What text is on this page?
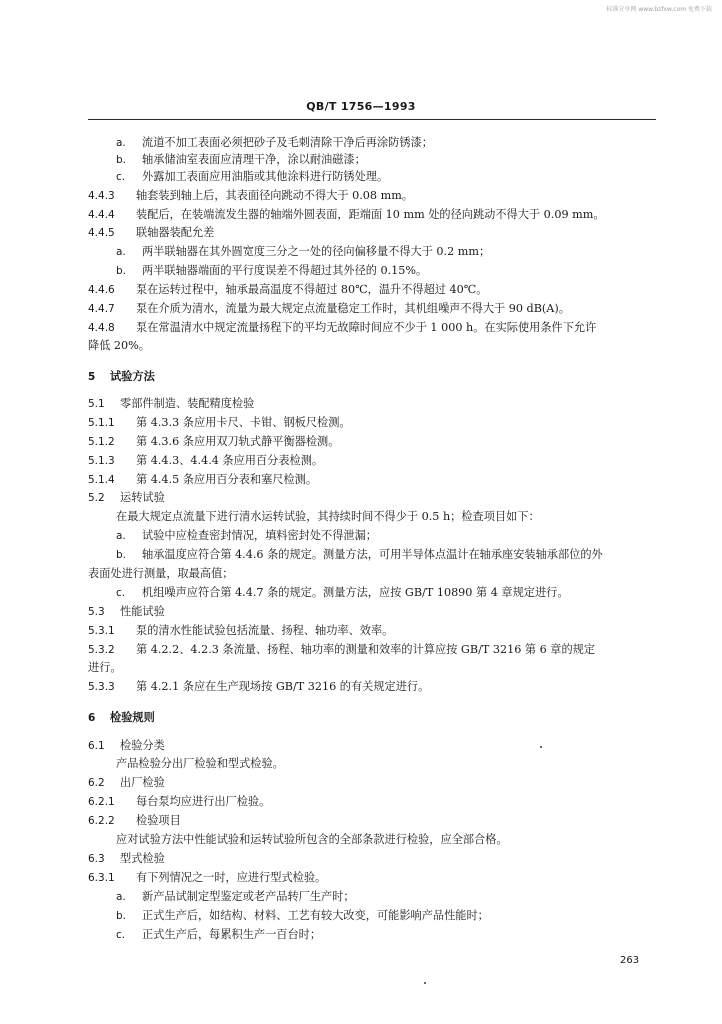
标准分享网 www.bzfxw.com 免费下载
QB/T 1756—1993
a. 流道不加工表面必须把砂子及毛刺清除干净后再涂防锈漆；
b. 轴承储油室表面应清理干净，涂以耐油磁漆；
c. 外露加工表面应用油脂或其他涂料进行防锈处理。
4.4.3 轴套装到轴上后，其表面径向跳动不得大于 0.08 mm。
4.4.4 装配后，在装端流发生器的轴端外圆表面，距端面 10 mm 处的径向跳动不得大于 0.09 mm。
4.4.5 联轴器装配允差
a. 两半联轴器在其外圆宽度三分之一处的径向偏移量不得大于 0.2 mm；
b. 两半联轴器端面的平行度误差不得超过其外径的 0.15%。
4.4.6 泵在运转过程中，轴承最高温度不得超过 80℃，温升不得超过 40℃。
4.4.7 泵在介质为清水，流量为最大规定点流量稳定工作时，其机组噪声不得大于 90 dB(A)。
4.4.8 泵在常温清水中规定流量扬程下的平均无故障时间应不少于 1 000 h。在实际使用条件下允许
降低 20%。
5 试验方法
5.1 零部件制造、装配精度检验
5.1.1 第 4.3.3 条应用卡尺、卡钳、钢板尺检测。
5.1.2 第 4.3.6 条应用双刀轨式静平衡器检测。
5.1.3 第 4.4.3、4.4.4 条应用百分表检测。
5.1.4 第 4.4.5 条应用百分表和塞尺检测。
5.2 运转试验
在最大规定点流量下进行清水运转试验，其持续时间不得少于 0.5 h；检查项目如下：
a. 试验中应检查密封情况，填料密封处不得泄漏；
b. 轴承温度应符合第 4.4.6 条的规定。测量方法，可用半导体点温计在轴承座安装轴承部位的外
表面处进行测量，取最高值；
c. 机组噪声应符合第 4.4.7 条的规定。测量方法，应按 GB/T 10890 第 4 章规定进行。
5.3 性能试验
5.3.1 泵的清水性能试验包括流量、扬程、轴功率、效率。
5.3.2 第 4.2.2、4.2.3 条流量、扬程、轴功率的测量和效率的计算应按 GB/T 3216 第 6 章的规定
进行。
5.3.3 第 4.2.1 条应在生产现场按 GB/T 3216 的有关规定进行。
6 检验规则
6.1 检验分类
产品检验分出厂检验和型式检验。
6.2 出厂检验
6.2.1 每台泵均应进行出厂检验。
6.2.2 检验项目
应对试验方法中性能试验和运转试验所包含的全部条款进行检验，应全部合格。
6.3 型式检验
6.3.1 有下列情况之一时，应进行型式检验。
a. 新产品试制定型鉴定或老产品转厂生产时；
b. 正式生产后，如结构、材料、工艺有较大改变，可能影响产品性能时；
c. 正式生产后，每累积生产一百台时；
263
